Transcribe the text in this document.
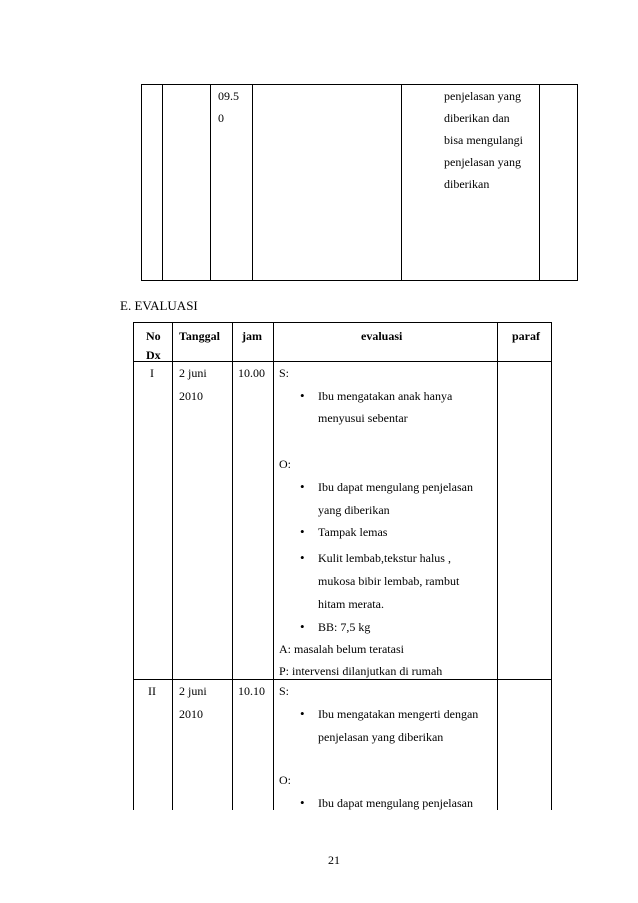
09.5
0
penjelasan yang
diberikan dan
bisa mengulangi
penjelasan yang
diberikan
E. EVALUASI
No
Dx
Tanggal jam	evaluasi	paraf
I 2 juni
2010
10.00 S:
• Ibu mengatakan anak hanya
menyusui sebentar
O:
• Ibu dapat mengulang penjelasan
yang diberikan
• Tampak lemas
• Kulit lembab,tekstur halus ,
mukosa bibir lembab, rambut
hitam merata.
• BB: 7,5 kg
A: masalah belum teratasi
P: intervensi dilanjutkan di rumah
II 2 juni
2010
10.10 S:
• Ibu mengatakan mengerti dengan
penjelasan yang diberikan
O:
• Ibu dapat mengulang penjelasan
21
